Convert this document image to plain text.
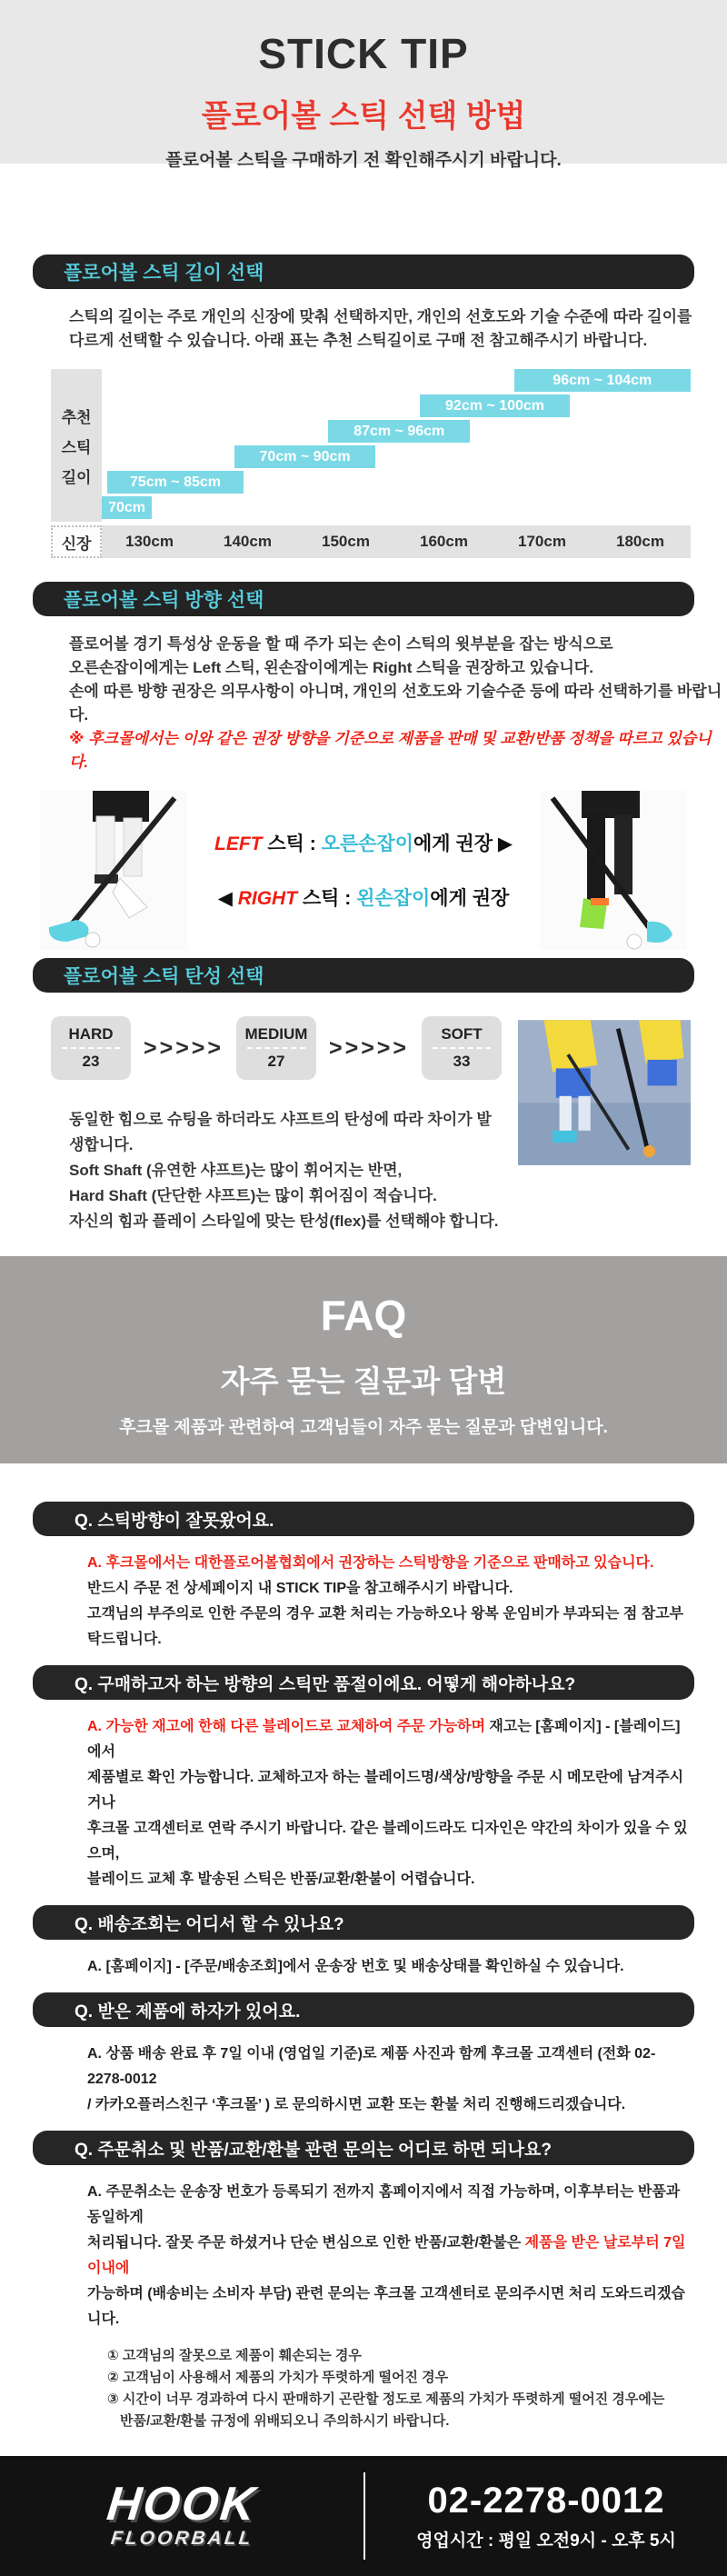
STICK TIP
플로어볼 스틱 선택 방법
플로어볼 스틱을 구매하기 전 확인해주시기 바랍니다.
플로어볼 스틱 길이 선택

스틱의 길이는 주로 개인의 신장에 맞춰 선택하지만, 개인의 선호도와 기술 수준에 따라 길이를
다르게 선택할 수 있습니다. 아래 표는 추천 스틱길이로 구매 전 참고해주시기 바랍니다.

추천
스틱
길이
96cm ~ 104cm
92cm ~ 100cm
87cm ~ 96cm
70cm ~ 90cm
75cm ~ 85cm
70cm
신장	130cm	140cm	150cm	160cm	170cm	180cm
플로어볼 스틱 방향 선택

플로어볼 경기 특성상 운동을 할 때 주가 되는 손이 스틱의 윗부분을 잡는 방식으로
오른손잡이에게는 Left 스틱, 왼손잡이에게는 Right 스틱을 권장하고 있습니다.
손에 따른 방향 권장은 의무사항이 아니며, 개인의 선호도와 기술수준 등에 따라 선택하기를 바랍니다.
※ 후크몰에서는 이와 같은 권장 방향을 기준으로 제품을 판매 및 교환/반품 정책을 따르고 있습니다.

LEFT 스틱 : 오른손잡이에게 권장 ▶
◀ RIGHT 스틱 : 왼손잡이에게 권장
플로어볼 스틱 탄성 선택
HARD
23
>>>>>
MEDIUM
27
>>>>>
SOFT
33

동일한 힘으로 슈팅을 하더라도 샤프트의 탄성에 따라 차이가 발생합니다.
Soft Shaft (유연한 샤프트)는 많이 휘어지는 반면,
Hard Shaft (단단한 샤프트)는 많이 휘어짐이 적습니다.
자신의 힘과 플레이 스타일에 맞는 탄성(flex)를 선택해야 합니다.

FAQ
자주 묻는 질문과 답변
후크몰 제품과 관련하여 고객님들이 자주 묻는 질문과 답변입니다.
Q. 스틱방향이 잘못왔어요.
A. 후크몰에서는 대한플로어볼협회에서 권장하는 스틱방향을 기준으로 판매하고 있습니다.
반드시 주문 전 상세페이지 내 STICK TIP을 참고해주시기 바랍니다.
고객님의 부주의로 인한 주문의 경우 교환 처리는 가능하오나 왕복 운임비가 부과되는 점 참고부탁드립니다.
Q. 구매하고자 하는 방향의 스틱만 품절이에요. 어떻게 해야하나요?
A. 가능한 재고에 한해 다른 블레이드로 교체하여 주문 가능하며 재고는 [홈페이지] - [블레이드]에서
제품별로 확인 가능합니다. 교체하고자 하는 블레이드명/색상/방향을 주문 시 메모란에 남겨주시거나
후크몰 고객센터로 연락 주시기 바랍니다. 같은 블레이드라도 디자인은 약간의 차이가 있을 수 있으며,
블레이드 교체 후 발송된 스틱은 반품/교환/환불이 어렵습니다.
Q. 배송조회는 어디서 할 수 있나요?
A. [홈페이지] - [주문/배송조회]에서 운송장 번호 및 배송상태를 확인하실 수 있습니다.
Q. 받은 제품에 하자가 있어요.
A. 상품 배송 완료 후 7일 이내 (영업일 기준)로 제품 사진과 함께 후크몰 고객센터 (전화 02-2278-0012
/ 카카오플러스친구 ‘후크몰’ ) 로 문의하시면 교환 또는 환불 처리 진행해드리겠습니다.
Q. 주문취소 및 반품/교환/환불 관련 문의는 어디로 하면 되나요?
A. 주문취소는 운송장 번호가 등록되기 전까지 홈페이지에서 직접 가능하며, 이후부터는 반품과 동일하게
처리됩니다. 잘못 주문 하셨거나 단순 변심으로 인한 반품/교환/환불은 제품을 받은 날로부터 7일이내에
가능하며 (배송비는 소비자 부담) 관련 문의는 후크몰 고객센터로 문의주시면 처리 도와드리겠습니다.
① 고객님의 잘못으로 제품이 훼손되는 경우
② 고객님이 사용해서 제품의 가치가 뚜렷하게 떨어진 경우
③ 시간이 너무 경과하여 다시 판매하기 곤란할 정도로 제품의 가치가 뚜렷하게 떨어진 경우에는
반품/교환/환불 규정에 위배되오니 주의하시기 바랍니다.
HOOK
FLOORBALL
02-2278-0012
영업시간 : 평일 오전9시 - 오후 5시
